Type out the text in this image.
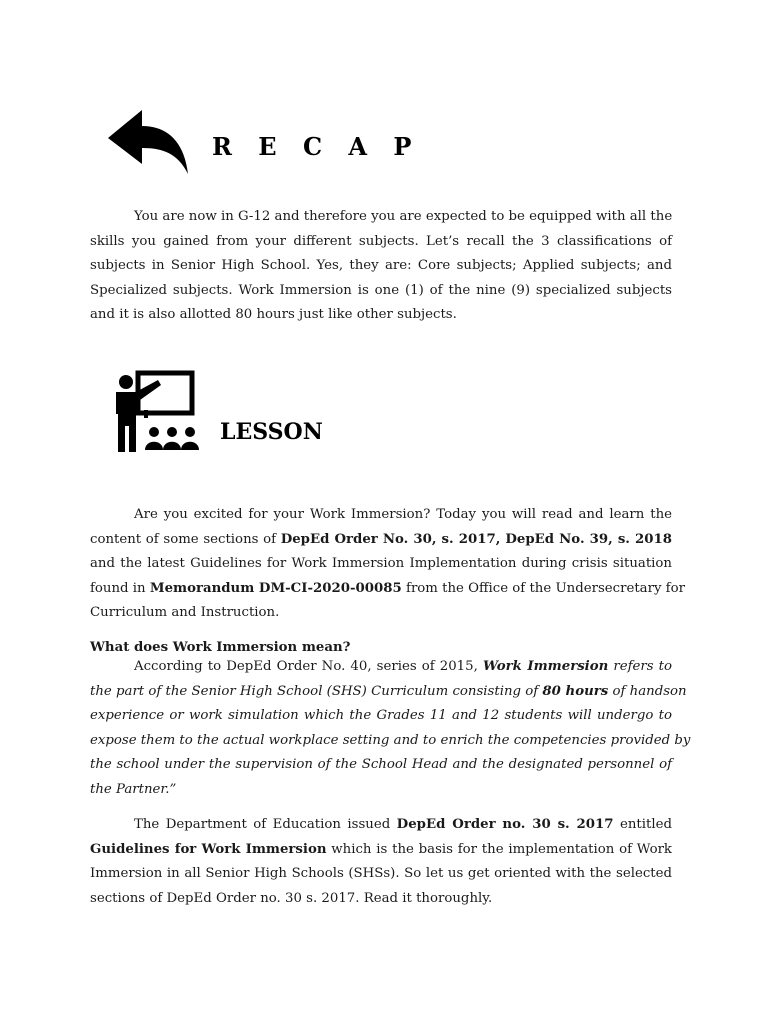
R E C A P
You are now in G-12 and therefore you are expected to be equipped with all the
skills you gained from your different subjects. Let’s recall the 3 classifications of
subjects in Senior High School. Yes, they are: Core subjects; Applied subjects; and
Specialized subjects. Work Immersion is one (1) of the nine (9) specialized subjects
and it is also allotted 80 hours just like other subjects.
LESSON
Are you excited for your Work Immersion? Today you will read and learn the
content of some sections of DepEd Order No. 30, s. 2017, DepEd No. 39, s. 2018
and the latest Guidelines for Work Immersion Implementation during crisis situation
found in Memorandum DM-CI-2020-00085 from the Office of the Undersecretary for
Curriculum and Instruction.
What does Work Immersion mean?
According to DepEd Order No. 40, series of 2015, Work Immersion refers to
the part of the Senior High School (SHS) Curriculum consisting of 80 hours of handson
experience or work simulation which the Grades 11 and 12 students will undergo to
expose them to the actual workplace setting and to enrich the competencies provided by
the school under the supervision of the School Head and the designated personnel of
the Partner.”
The Department of Education issued DepEd Order no. 30 s. 2017 entitled
Guidelines for Work Immersion which is the basis for the implementation of Work
Immersion in all Senior High Schools (SHSs). So let us get oriented with the selected
sections of DepEd Order no. 30 s. 2017. Read it thoroughly.
